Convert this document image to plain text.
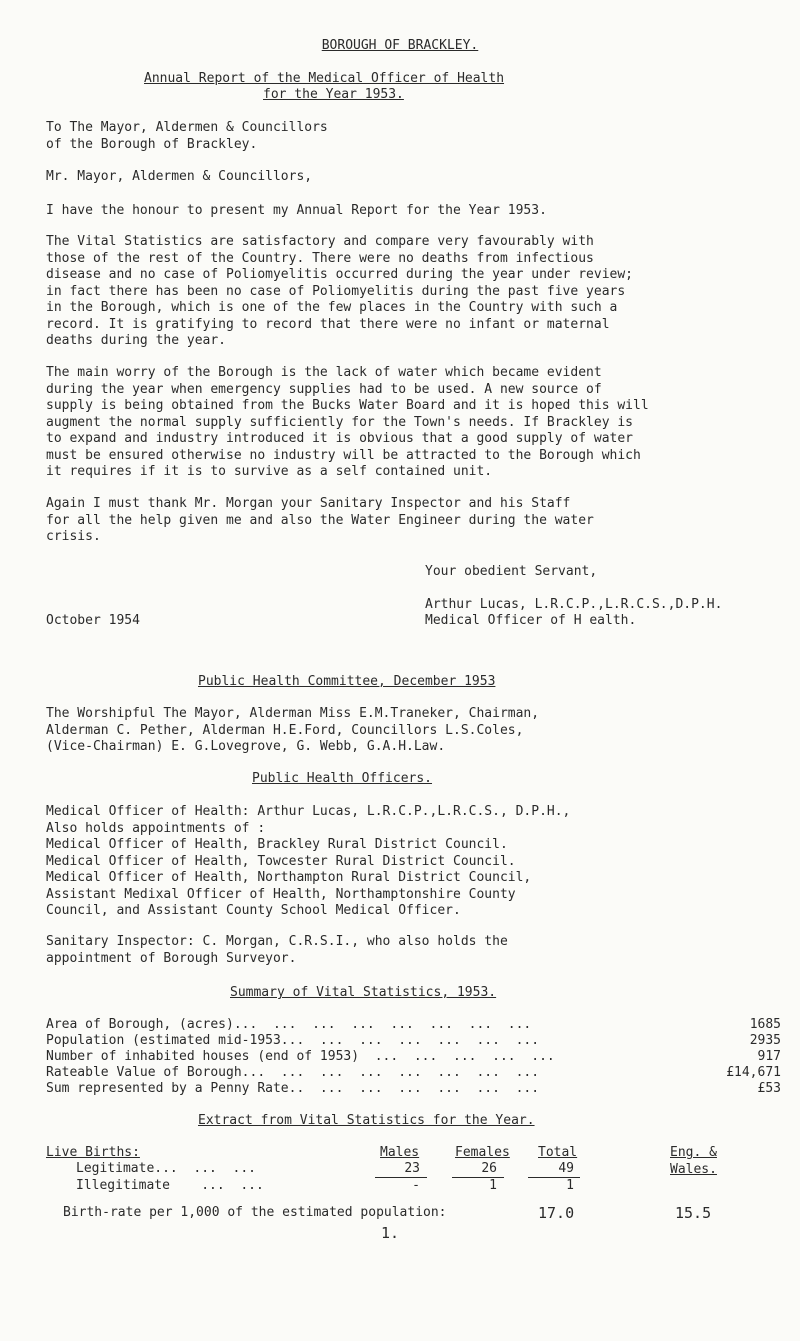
BOROUGH OF BRACKLEY.
Annual Report of the Medical Officer of Health
for the Year 1953.
To The Mayor, Aldermen & Councillors
of the Borough of Brackley.
Mr. Mayor, Aldermen & Councillors,
I have the honour to present my Annual Report for the Year 1953.
The Vital Statistics are satisfactory and compare very favourably with
those of the rest of the Country. There were no deaths from infectious
disease and no case of Poliomyelitis occurred during the year under review;
in fact there has been no case of Poliomyelitis during the past five years
in the Borough, which is one of the few places in the Country with such a
record. It is gratifying to record that there were no infant or maternal
deaths during the year.
The main worry of the Borough is the lack of water which became evident
during the year when emergency supplies had to be used. A new source of
supply is being obtained from the Bucks Water Board and it is hoped this will
augment the normal supply sufficiently for the Town's needs. If Brackley is
to expand and industry introduced it is obvious that a good supply of water
must be ensured otherwise no industry will be attracted to the Borough which
it requires if it is to survive as a self contained unit.
Again I must thank Mr. Morgan your Sanitary Inspector and his Staff
for all the help given me and also the Water Engineer during the water
crisis.
Your obedient Servant,
Arthur Lucas, L.R.C.P.,L.R.C.S.,D.P.H.
October 1954	Medical Officer of H ealth.
Public Health Committee, December 1953
The Worshipful The Mayor, Alderman Miss E.M.Traneker, Chairman,
Alderman C. Pether, Alderman H.E.Ford, Councillors L.S.Coles,
(Vice-Chairman) E. G.Lovegrove, G. Webb, G.A.H.Law.
Public Health Officers.
Medical Officer of Health: Arthur Lucas, L.R.C.P.,L.R.C.S., D.P.H.,
Also holds appointments of :
Medical Officer of Health, Brackley Rural District Council.
Medical Officer of Health, Towcester Rural District Council.
Medical Officer of Health, Northampton Rural District Council,
Assistant Medixal Officer of Health, Northamptonshire County
Council, and Assistant County School Medical Officer.
Sanitary Inspector: C. Morgan, C.R.S.I., who also holds the
appointment of Borough Surveyor.
Summary of Vital Statistics, 1953.
Area of Borough, (acres)...  ...  ...  ...  ...  ...  ...  ...	1685
Population (estimated mid-1953...  ...  ...  ...  ...  ...  ...	2935
Number of inhabited houses (end of 1953)  ...  ...  ...  ...  ...	917
Rateable Value of Borough...  ...  ...  ...  ...  ...  ...  ...	£14,671
Sum represented by a Penny Rate..  ...  ...  ...  ...  ...  ...	£53
Extract from Vital Statistics for the Year.
Live Births:	Males	Females Total	Eng. &
Wales.
Legitimate...  ...  ...	23	26	49
Illegitimate    ...  ...	-	1	1
Birth-rate per 1,000 of the estimated population:	17.0	15.5
1.
